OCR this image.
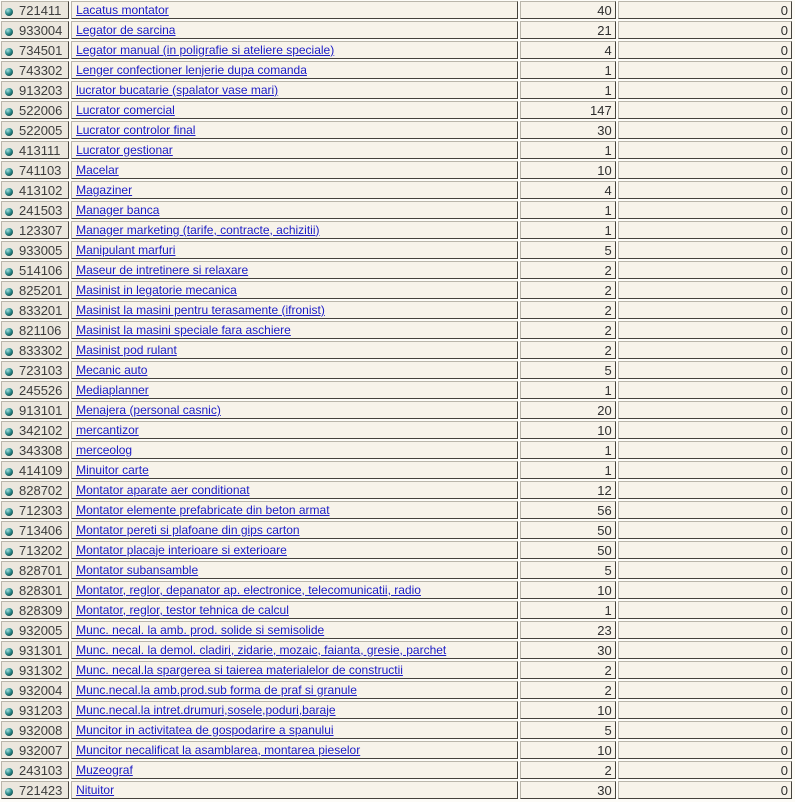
721411	Lacatus montator	40	0
933004	Legator de sarcina	21	0
734501	Legator manual (in poligrafie si ateliere speciale)	4	0
743302	Lenger confectioner lenjerie dupa comanda	1	0
913203	lucrator bucatarie (spalator vase mari)	1	0
522006	Lucrator comercial	147	0
522005	Lucrator controlor final	30	0
413111	Lucrator gestionar	1	0
741103	Macelar	10	0
413102	Magaziner	4	0
241503	Manager banca	1	0
123307	Manager marketing (tarife, contracte, achizitii)	1	0
933005	Manipulant marfuri	5	0
514106	Maseur de intretinere si relaxare	2	0
825201	Masinist in legatorie mecanica	2	0
833201	Masinist la masini pentru terasamente (ifronist)	2	0
821106	Masinist la masini speciale fara aschiere	2	0
833302	Masinist pod rulant	2	0
723103	Mecanic auto	5	0
245526	Mediaplanner	1	0
913101	Menajera (personal casnic)	20	0
342102	mercantizor	10	0
343308	merceolog	1	0
414109	Minuitor carte	1	0
828702	Montator aparate aer conditionat	12	0
712303	Montator elemente prefabricate din beton armat	56	0
713406	Montator pereti si plafoane din gips carton	50	0
713202	Montator placaje interioare si exterioare	50	0
828701	Montator subansamble	5	0
828301	Montator, reglor, depanator ap. electronice, telecomunicatii, radio	10	0
828309	Montator, reglor, testor tehnica de calcul	1	0
932005	Munc. necal. la amb. prod. solide si semisolide	23	0
931301	Munc. necal. la demol. cladiri, zidarie, mozaic, faianta, gresie, parchet	30	0
931302	Munc. necal.la spargerea si taierea materialelor de constructii	2	0
932004	Munc.necal.la amb.prod.sub forma de praf si granule	2	0
931203	Munc.necal.la intret.drumuri,sosele,poduri,baraje	10	0
932008	Muncitor in activitatea de gospodarire a spanului	5	0
932007	Muncitor necalificat la asamblarea, montarea pieselor	10	0
243103	Muzeograf	2	0
721423	Nituitor	30	0
